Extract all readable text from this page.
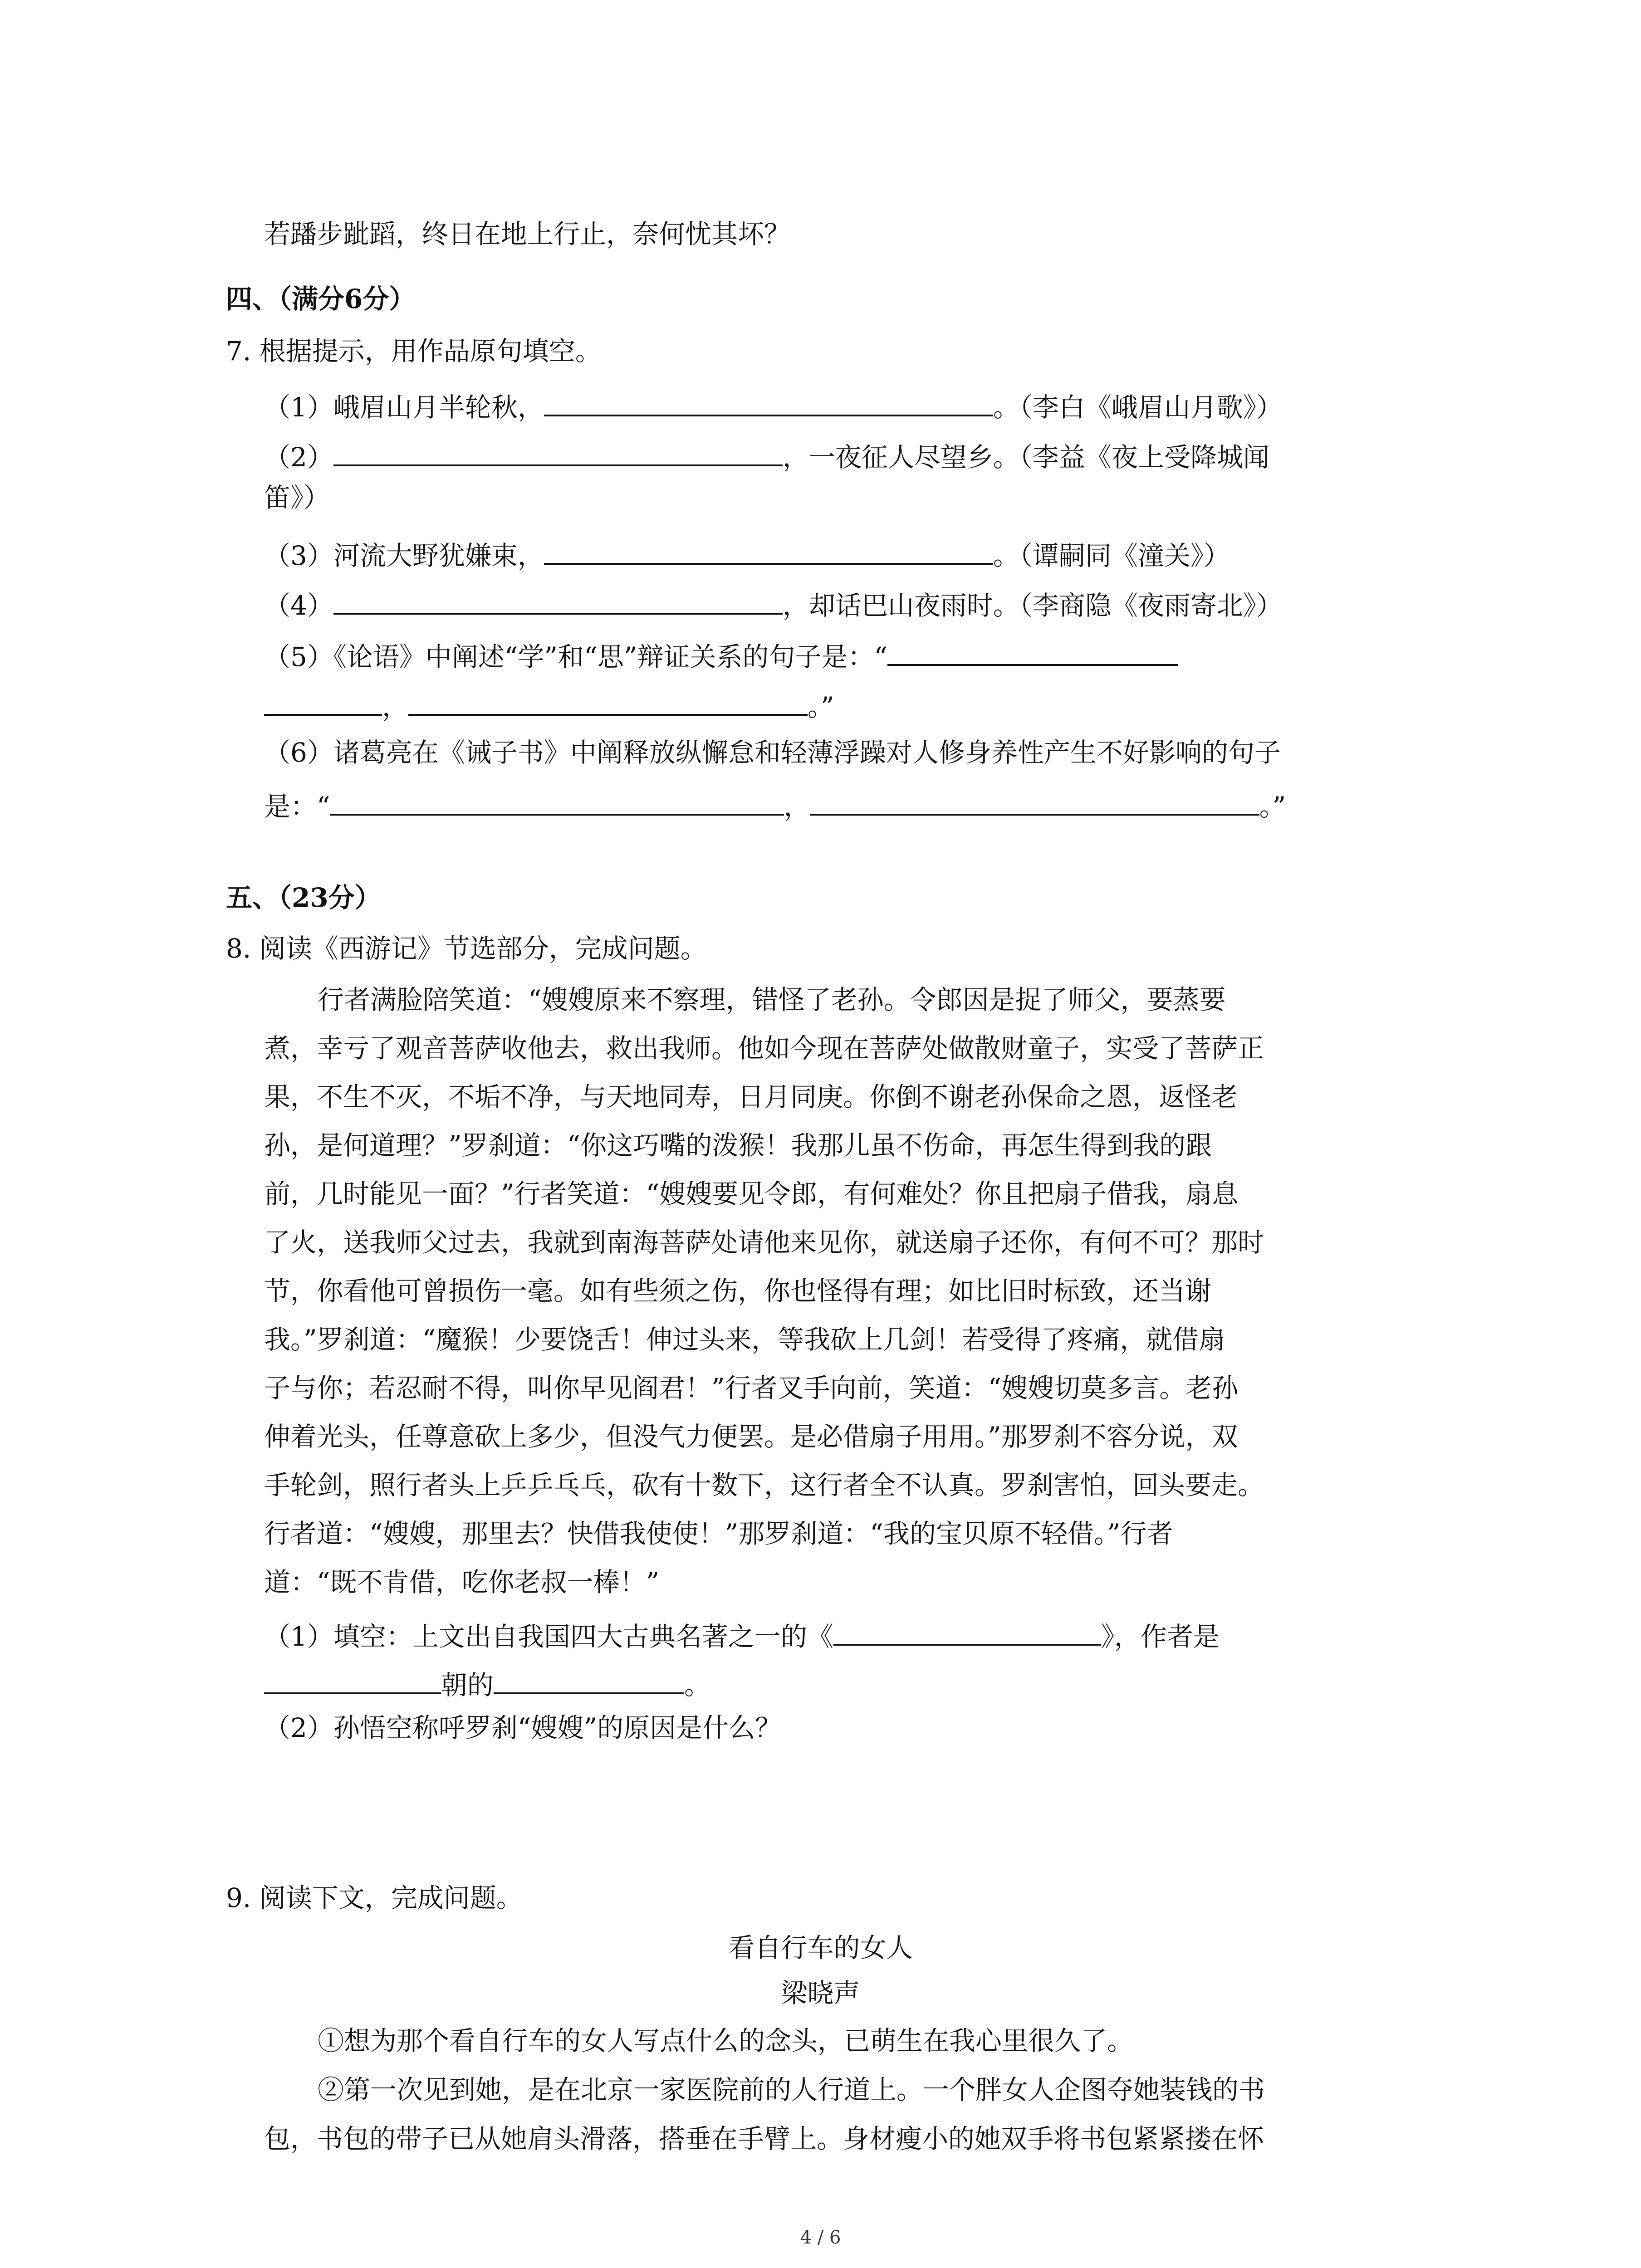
若蹯步跐蹈，终日在地上行止，奈何忧其坏？
四、（满分6分）
7. 根据提示，用作品原句填空。
（1）峨眉山月半轮秋，	。（李白《峨眉山月歌》）
（2）	，一夜征人尽望乡。（李益《夜上受降城闻
笛》）
（3）河流大野犹嫌束，	。（谭嗣同《潼关》）
（4）	，却话巴山夜雨时。（李商隐《夜雨寄北》）
（5）《论语》中阐述“学”和“思”辩证关系的句子是：“
，	。”
（6）诸葛亮在《诫子书》中阐释放纵懈怠和轻薄浮躁对人修身养性产生不好影响的句子
是：“	，	。”
五、（23分）
8. 阅读《西游记》节选部分，完成问题。
行者满脸陪笑道：“嫂嫂原来不察理，错怪了老孙。令郎因是捉了师父，要蒸要
煮，幸亏了观音菩萨收他去，救出我师。他如今现在菩萨处做散财童子，实受了菩萨正
果，不生不灭，不垢不净，与天地同寿，日月同庚。你倒不谢老孙保命之恩，返怪老
孙，是何道理？”罗刹道：“你这巧嘴的泼猴！我那儿虽不伤命，再怎生得到我的跟
前，几时能见一面？”行者笑道：“嫂嫂要见令郎，有何难处？你且把扇子借我，扇息
了火，送我师父过去，我就到南海菩萨处请他来见你，就送扇子还你，有何不可？那时
节，你看他可曾损伤一毫。如有些须之伤，你也怪得有理；如比旧时标致，还当谢
我。”罗刹道：“魔猴！少要饶舌！伸过头来，等我砍上几剑！若受得了疼痛，就借扇
子与你；若忍耐不得，叫你早见阎君！”行者叉手向前，笑道：“嫂嫂切莫多言。老孙
伸着光头，任尊意砍上多少，但没气力便罢。是必借扇子用用。”那罗刹不容分说，双
手轮剑，照行者头上乒乒乓乓，砍有十数下，这行者全不认真。罗刹害怕，回头要走。
行者道：“嫂嫂，那里去？快借我使使！”那罗刹道：“我的宝贝原不轻借。”行者
道：“既不肯借，吃你老叔一棒！”
（1）填空：上文出自我国四大古典名著之一的《	》，作者是
朝的	。
（2）孙悟空称呼罗刹“嫂嫂”的原因是什么？
9. 阅读下文，完成问题。
看自行车的女人
梁晓声
①想为那个看自行车的女人写点什么的念头，已萌生在我心里很久了。
②第一次见到她，是在北京一家医院前的人行道上。一个胖女人企图夺她装钱的书
包，书包的带子已从她肩头滑落，搭垂在手臂上。身材瘦小的她双手将书包紧紧搂在怀
4 / 6
